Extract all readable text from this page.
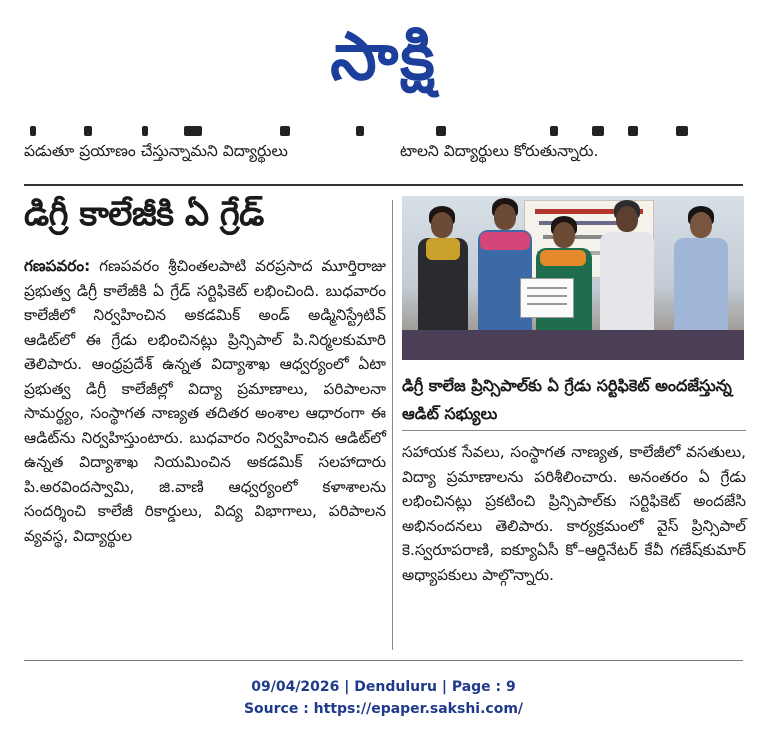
సాక్షి
పడుతూ ప్రయాణం చేస్తున్నామని విద్యార్థులు	టాలని విద్యార్థులు కోరుతున్నారు.
డిగ్రీ కాలేజీకి ఏ గ్రేడ్
గణపవరం: గణపవరం శ్రీచింతలపాటి వరప్రసాద మూర్తిరాజు ప్రభుత్వ డిగ్రీ కాలేజీకి ఏ గ్రేడ్ సర్టిఫికెట్ లభించింది. బుధవారం కాలేజీలో నిర్వహించిన అకడమిక్ అండ్ అడ్మినిస్ట్రేటివ్ ఆడిట్‌లో ఈ గ్రేడు లభించినట్లు ప్రిన్సిపాల్ పి.నిర్మలకుమారి తెలిపారు. ఆంధ్రప్రదేశ్ ఉన్నత విద్యాశాఖ ఆధ్వర్యంలో ఏటా ప్రభుత్వ డిగ్రీ కాలేజీల్లో విద్యా ప్రమాణాలు, పరిపాలనా సామర్థ్యం, సంస్థాగత నాణ్యత తదితర అంశాల ఆధారంగా ఈ ఆడిట్‌ను నిర్వహిస్తుంటారు. బుధవారం నిర్వహించిన ఆడిట్‌లో ఉన్నత విద్యాశాఖ నియమించిన అకడమిక్ సలహాదారు పి.అరవిందస్వామి, జి.వాణి ఆధ్వర్యంలో కళాశాలను సందర్శించి కాలేజీ రికార్డులు, విద్య విభాగాలు, పరిపాలన వ్యవస్థ, విద్యార్థుల
డిగ్రీ కాలేజ ప్రిన్సిపాల్‌కు ఏ గ్రేడు సర్టిఫికెట్ అందజేస్తున్న ఆడిట్ సభ్యులు
సహాయక సేవలు, సంస్థాగత నాణ్యత, కాలేజీలో వసతులు, విద్యా ప్రమాణాలను పరిశీలించారు. అనంతరం ఏ గ్రేడు లభించినట్లు ప్రకటించి ప్రిన్సిపాల్‌కు సర్టిఫికెట్ అందజేసి అభినందనలు తెలిపారు. కార్యక్రమంలో వైస్ ప్రిన్సిపాల్ కె.స్వరూపరాణి, ఐక్యూఏసీ కో–ఆర్డినేటర్ కేవీ గణేష్‌కుమార్ అధ్యాపకులు పాల్గొన్నారు.
09/04/2026 | Denduluru | Page : 9
Source : https://epaper.sakshi.com/
